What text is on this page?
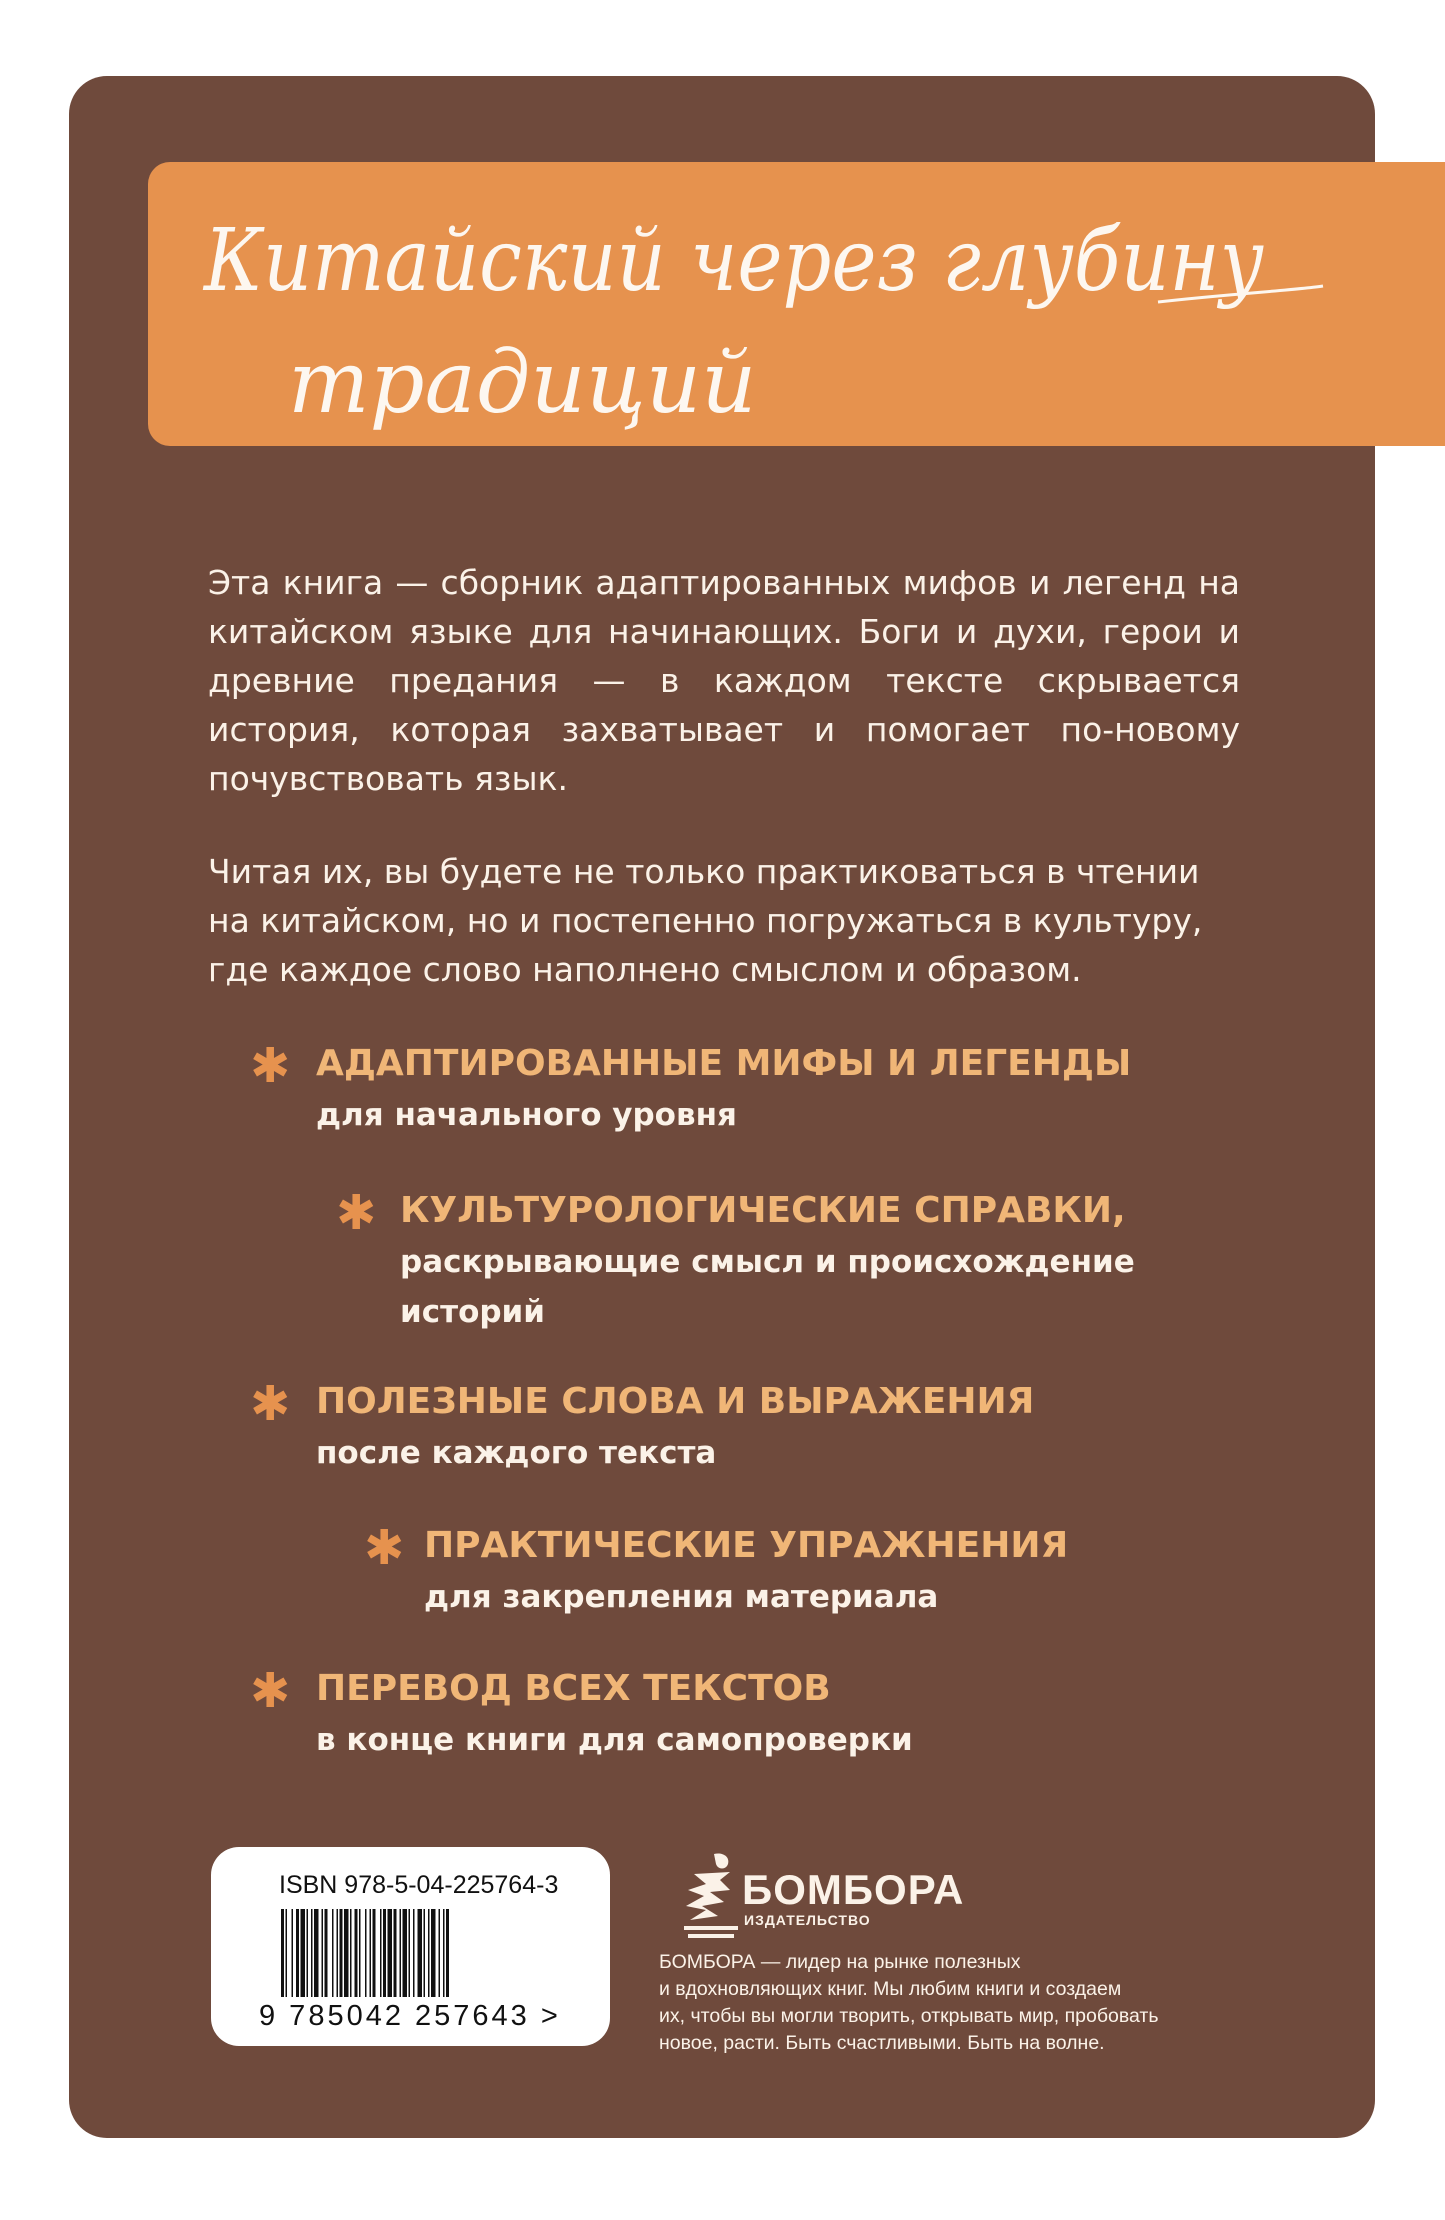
Китайский через глубину
традиций

Эта книга — сборник адаптированных мифов и легенд на китайском языке для начинающих. Боги и духи, герои и древние предания — в каждом тексте скрывается история, которая захватывает и помогает по-новому почувствовать язык.

Читая их, вы будете не только практиковаться в чтении на китайском, но и постепенно погружаться в культуру, где каждое слово наполнено смыслом и образом.

✱ АДАПТИРОВАННЫЕ МИФЫ И ЛЕГЕНДЫ
для начального уровня
✱ КУЛЬТУРОЛОГИЧЕСКИЕ СПРАВКИ,
раскрывающие смысл и происхождение
историй
✱ ПОЛЕЗНЫЕ СЛОВА И ВЫРАЖЕНИЯ
после каждого текста
✱ ПРАКТИЧЕСКИЕ УПРАЖНЕНИЯ
для закрепления материала
✱ ПЕРЕВОД ВСЕХ ТЕКСТОВ
в конце книги для самопроверки
ISBN 978-5-04-225764-3
9 785042 257643 >
БОМБОРА
ИЗДАТЕЛЬСТВО

БОМБОРА — лидер на рынке полезных
и вдохновляющих книг. Мы любим книги и создаем
их, чтобы вы могли творить, открывать мир, пробовать
новое, расти. Быть счастливыми. Быть на волне.
